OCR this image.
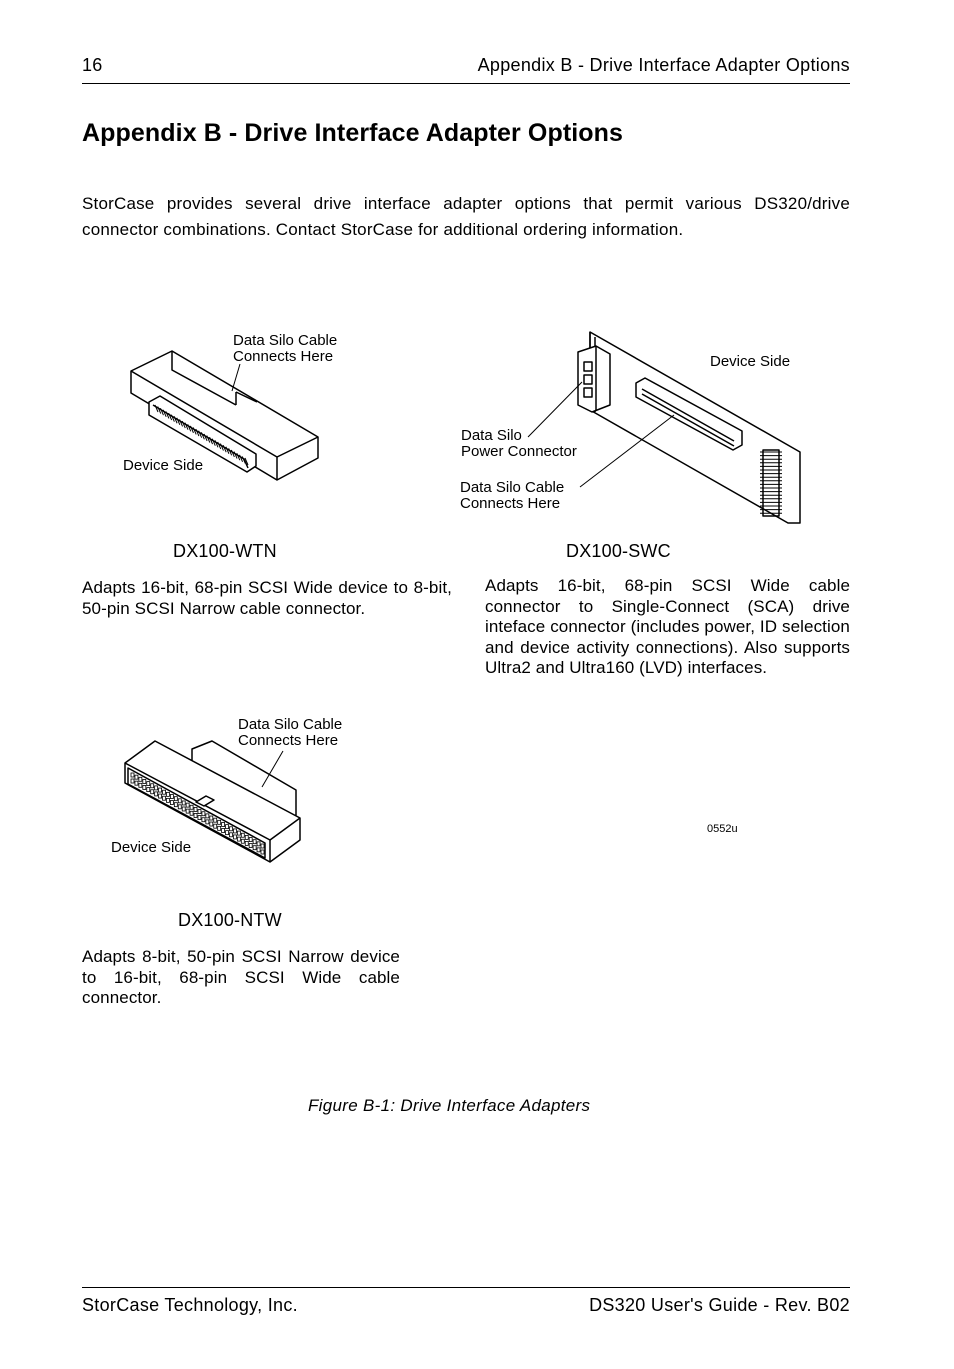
16	Appendix B - Drive Interface Adapter Options
Appendix B - Drive Interface Adapter Options
StorCase provides several drive interface adapter options that permit various DS320/drive connector combinations. Contact StorCase for additional ordering information.
Data Silo Cable
Connects Here
Device Side
DX100-WTN
Adapts 16-bit, 68-pin SCSI Wide device to 8-bit, 50-pin SCSI Narrow cable connector.
Device Side
Data Silo
Power Connector
Data Silo Cable
Connects Here
DX100-SWC
Adapts 16-bit, 68-pin SCSI Wide cable connector to Single-Connect (SCA) drive inteface connector (includes power, ID selection and device activity connections). Also supports Ultra2 and Ultra160 (LVD) interfaces.
Data Silo Cable
Connects Here
Device Side
DX100-NTW
Adapts 8-bit, 50-pin SCSI Narrow device to 16-bit, 68-pin SCSI Wide cable connector.
0552u
Figure B-1: Drive Interface Adapters
StorCase Technology, Inc.	DS320 User's Guide - Rev. B02
